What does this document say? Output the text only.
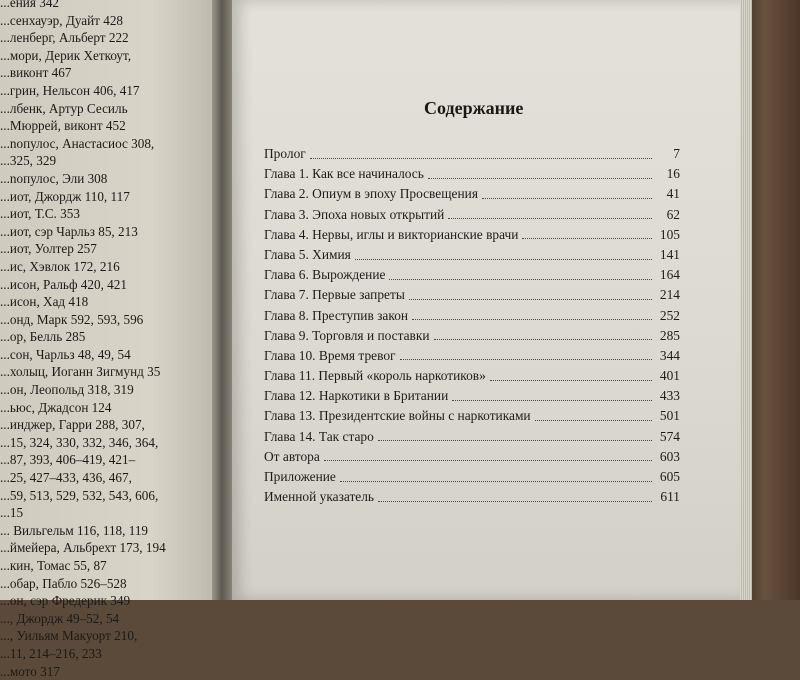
...ения 342
...сенхауэр, Дуайт 428
...ленберг, Альберт 222
...мори, Дерик Хеткоут,
...виконт 467
...грин, Нельсон 406, 417
...лбенк, Артур Сесиль
...Мюррей, виконт 452
...nопулос, Анастасиос 308,
...325, 329
...nопулос, Эли 308
...иот, Джордж 110, 117
...иот, Т.С. 353
...иот, сэр Чарльз 85, 213
...иот, Уолтер 257
...ис, Хэвлок 172, 216
...исон, Ральф 420, 421
...исон, Хад 418
...онд, Марк 592, 593, 596
...ор, Белль 285
...сон, Чарльз 48, 49, 54
...холыц, Иоганн Зигмунд 35
...он, Леопольд 318, 319
...ьюс, Джадсон 124
...инджер, Гарри 288, 307,
...15, 324, 330, 332, 346, 364,
...87, 393, 406–419, 421–
...25, 427–433, 436, 467,
...59, 513, 529, 532, 543, 606,
...15
... Вильгельм 116, 118, 119
...ймейера, Альбрехт 173, 194
...кин, Томас 55, 87
...обар, Пабло 526–528
...он, сэр Фредерик 349
..., Джордж 49–52, 54
..., Уильям Макуорт 210,
...11, 214–216, 233
...мото 317
Содержание
Пролог	7
Глава 1. Как все начиналось	16
Глава 2. Опиум в эпоху Просвещения	41
Глава 3. Эпоха новых открытий	62
Глава 4. Нервы, иглы и викторианские врачи	105
Глава 5. Химия	141
Глава 6. Вырождение	164
Глава 7. Первые запреты	214
Глава 8. Преступив закон	252
Глава 9. Торговля и поставки	285
Глава 10. Время тревог	344
Глава 11. Первый «король наркотиков»	401
Глава 12. Наркотики в Британии	433
Глава 13. Президентские войны с наркотиками	501
Глава 14. Так старо	574
От автора	603
Приложение	605
Именной указатель	611
